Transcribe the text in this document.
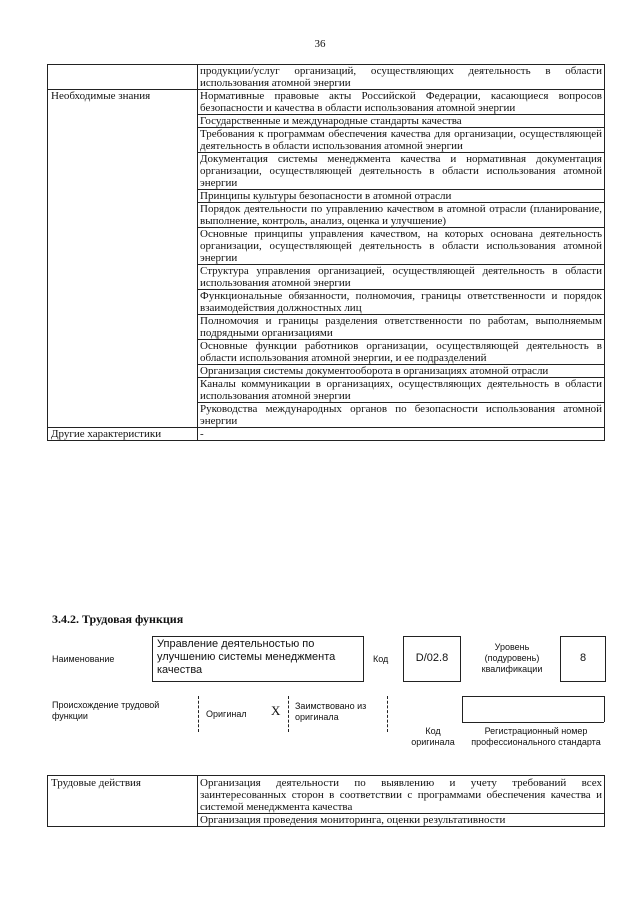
36
	продукции/услуг организаций, осуществляющих деятельность в области использования атомной энергии
Необходимые знания	Нормативные правовые акты Российской Федерации, касающиеся вопросов безопасности и качества в области использования атомной энергии
	Государственные и международные стандарты качества
	Требования к программам обеспечения качества для организации, осуществляющей деятельность в области использования атомной энергии
	Документация системы менеджмента качества и нормативная документация организации, осуществляющей деятельность в области использования атомной энергии
	Принципы культуры безопасности в атомной отрасли
	Порядок деятельности по управлению качеством в атомной отрасли (планирование, выполнение, контроль, анализ, оценка и улучшение)
	Основные принципы управления качеством, на которых основана деятельность организации, осуществляющей деятельность в области использования атомной энергии
	Структура управления организацией, осуществляющей деятельность в области использования атомной энергии
	Функциональные обязанности, полномочия, границы ответственности и порядок взаимодействия должностных лиц
	Полномочия и границы разделения ответственности по работам, выполняемым подрядными организациями
	Основные функции работников организации, осуществляющей деятельность в области использования атомной энергии, и ее подразделений
	Организация системы документооборота в организациях атомной отрасли
	Каналы коммуникации в организациях, осуществляющих деятельность в области использования атомной энергии
	Руководства международных органов по безопасности использования атомной энергии
Другие характеристики	-
3.4.2. Трудовая функция
Наименование
Управление деятельностью по улучшению системы менеджмента качества
Код	D/02.8
Уровень (подуровень) квалификации
8
Происхождение трудовой функции	Оригинал X Заимствовано из оригинала
Код оригинала
Регистрационный номер профессионального стандарта
Трудовые действия	Организация деятельности по выявлению и учету требований всех заинтересованных сторон в соответствии с программами обеспечения качества и системой менеджмента качества
Организация проведения мониторинга, оценки результативности
